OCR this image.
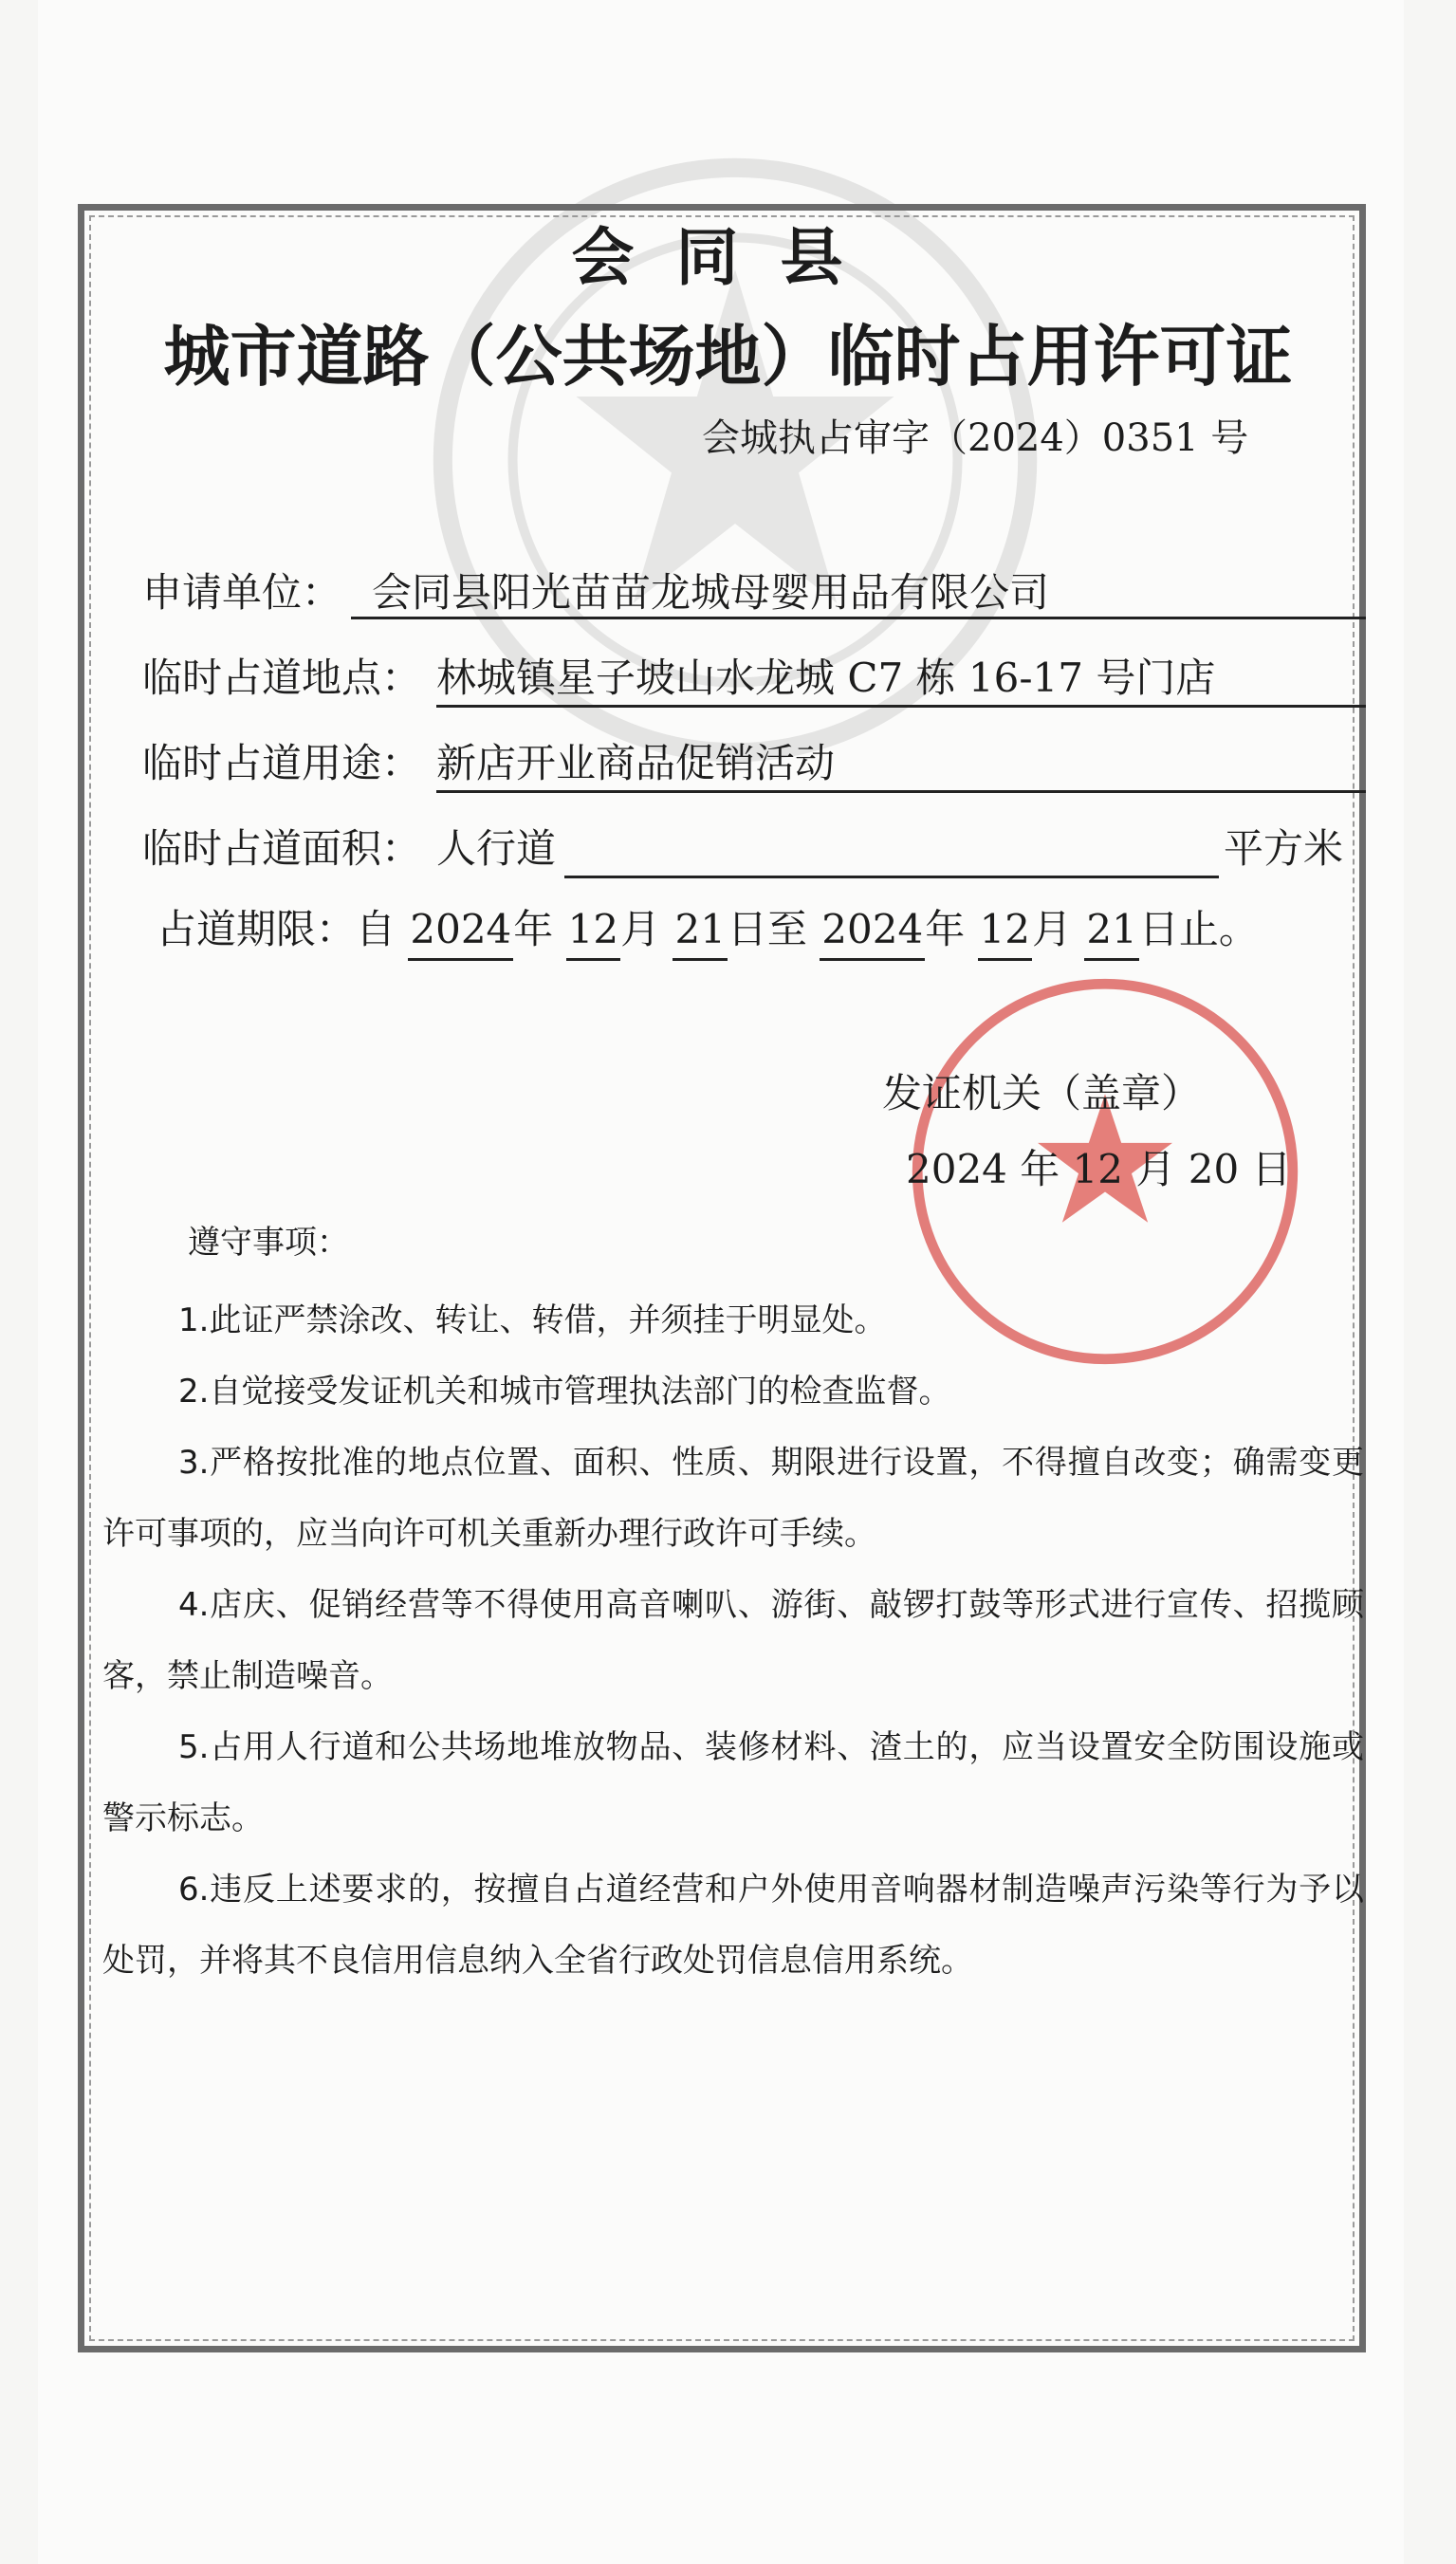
会同县
城市道路（公共场地）临时占用许可证
会城执占审字（2024）0351 号
申请单位： 会同县阳光苗苗龙城母婴用品有限公司
临时占道地点： 林城镇星子坡山水龙城 C7 栋 16-17 号门店
临时占道用途： 新店开业商品促销活动
临时占道面积： 人行道	平方米
占道期限：自 2024年 12月 21日至 2024年 12月 21日止。
发证机关（盖章）
2024 年 12 月 20 日
遵守事项：
1.此证严禁涂改、转让、转借，并须挂于明显处。
2.自觉接受发证机关和城市管理执法部门的检查监督。
3.严格按批准的地点位置、面积、性质、期限进行设置，不得擅自改变；确需变更许可事项的，应当向许可机关重新办理行政许可手续。
4.店庆、促销经营等不得使用高音喇叭、游街、敲锣打鼓等形式进行宣传、招揽顾客，禁止制造噪音。
5.占用人行道和公共场地堆放物品、装修材料、渣土的，应当设置安全防围设施或警示标志。
6.违反上述要求的，按擅自占道经营和户外使用音响器材制造噪声污染等行为予以处罚，并将其不良信用信息纳入全省行政处罚信息信用系统。
